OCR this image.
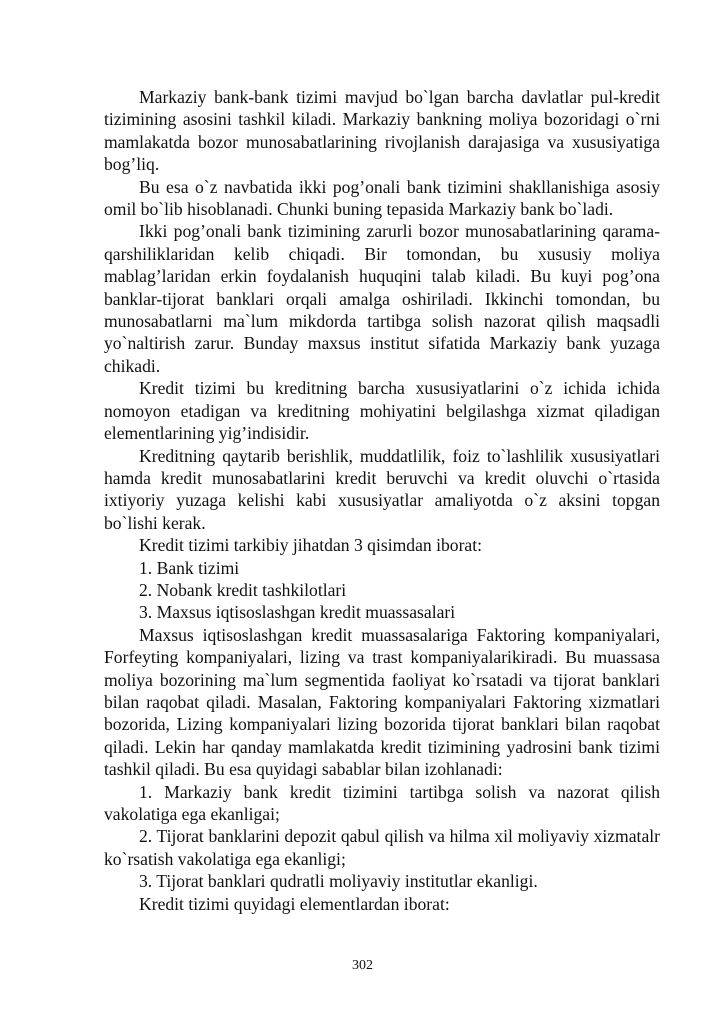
Markaziy bank-bank tizimi mavjud bo`lgan barcha davlatlar pul-kredit tizimining asosini tashkil kiladi. Markaziy bankning moliya bozoridagi o`rni mamlakatda bozor munosabatlarining rivojlanish darajasiga va xususiyatiga bog’liq.

Bu esa o`z navbatida ikki pog’onali bank tizimini shakllanishiga asosiy omil bo`lib hisoblanadi. Chunki buning tepasida Markaziy bank bo`ladi.

Ikki pog’onali bank tizimining zarurli bozor munosabatlarining qarama-qarshiliklaridan kelib chiqadi. Bir tomondan, bu xususiy moliya mablag’laridan erkin foydalanish huquqini talab kiladi. Bu kuyi pog’ona banklar-tijorat banklari orqali amalga oshiriladi. Ikkinchi tomondan, bu munosabatlarni ma`lum mikdorda tartibga solish nazorat qilish maqsadli yo`naltirish zarur. Bunday maxsus institut sifatida Markaziy bank yuzaga chikadi.

Kredit tizimi bu kreditning barcha xususiyatlarini o`z ichida ichida nomoyon etadigan va kreditning mohiyatini belgilashga xizmat qiladigan elementlarining yig’indisidir.

Kreditning qaytarib berishlik, muddatlilik, foiz to`lashlilik xususiyatlari hamda kredit munosabatlarini kredit beruvchi va kredit oluvchi o`rtasida ixtiyoriy yuzaga kelishi kabi xususiyatlar amaliyotda o`z aksini topgan bo`lishi kerak.

Kredit tizimi tarkibiy jihatdan 3 qisimdan iborat:

1. Bank tizimi

2. Nobank kredit tashkilotlari

3. Maxsus iqtisoslashgan kredit muassasalari

Maxsus iqtisoslashgan kredit muassasalariga Faktoring kompaniyalari, Forfeyting kompaniyalari, lizing va trast kompaniyalarikiradi. Bu muassasa moliya bozorining ma`lum segmentida faoliyat ko`rsatadi va tijorat banklari bilan raqobat qiladi. Masalan, Faktoring kompaniyalari Faktoring xizmatlari bozorida, Lizing kompaniyalari lizing bozorida tijorat banklari bilan raqobat qiladi. Lekin har qanday mamlakatda kredit tizimining yadrosini bank tizimi tashkil qiladi. Bu esa quyidagi sabablar bilan izohlanadi:

1. Markaziy bank kredit tizimini tartibga solish va nazorat qilish vakolatiga ega ekanligai;

2. Tijorat banklarini depozit qabul qilish va hilma xil moliyaviy xizmatalr ko`rsatish vakolatiga ega ekanligi;

3. Tijorat banklari qudratli moliyaviy institutlar ekanligi.

Kredit tizimi quyidagi elementlardan iborat:

302
